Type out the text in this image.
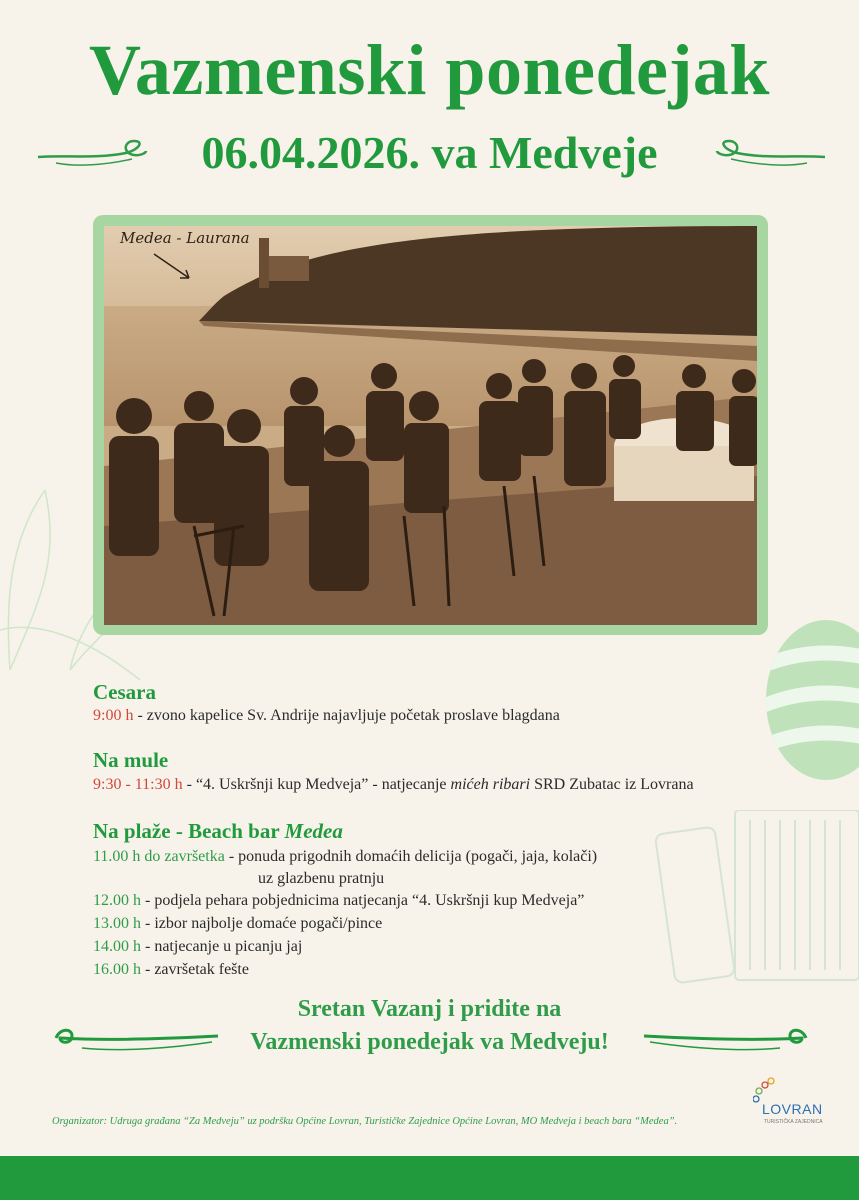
Vazmenski ponedejak
06.04.2026. va Medveje
Medea - Laurana
Cesara
9:00 h - zvono kapelice Sv. Andrije najavljuje početak proslave blagdana
Na mule
9:30 - 11:30 h - “4. Uskršnji kup Medveja” - natjecanje mićeh ribari SRD Zubatac iz Lovrana
Na plaže - Beach bar Medea
11.00 h do završetka - ponuda prigodnih domaćih delicija (pogači, jaja, kolači)
uz glazbenu pratnju
12.00 h - podjela pehara pobjednicima natjecanja “4. Uskršnji kup Medveja”
13.00 h - izbor najbolje domaće pogači/pince
14.00 h - natjecanje u picanju jaj
16.00 h - završetak fešte
Sretan Vazanj i pridite na
Vazmenski ponedejak va Medveju!
LOVRAN
TURISTIČKA ZAJEDNICA
Organizator: Udruga građana “Za Medveju” uz podršku Općine Lovran, Turističke Zajednice Općine Lovran, MO Medveja i beach bara “Medea”.
